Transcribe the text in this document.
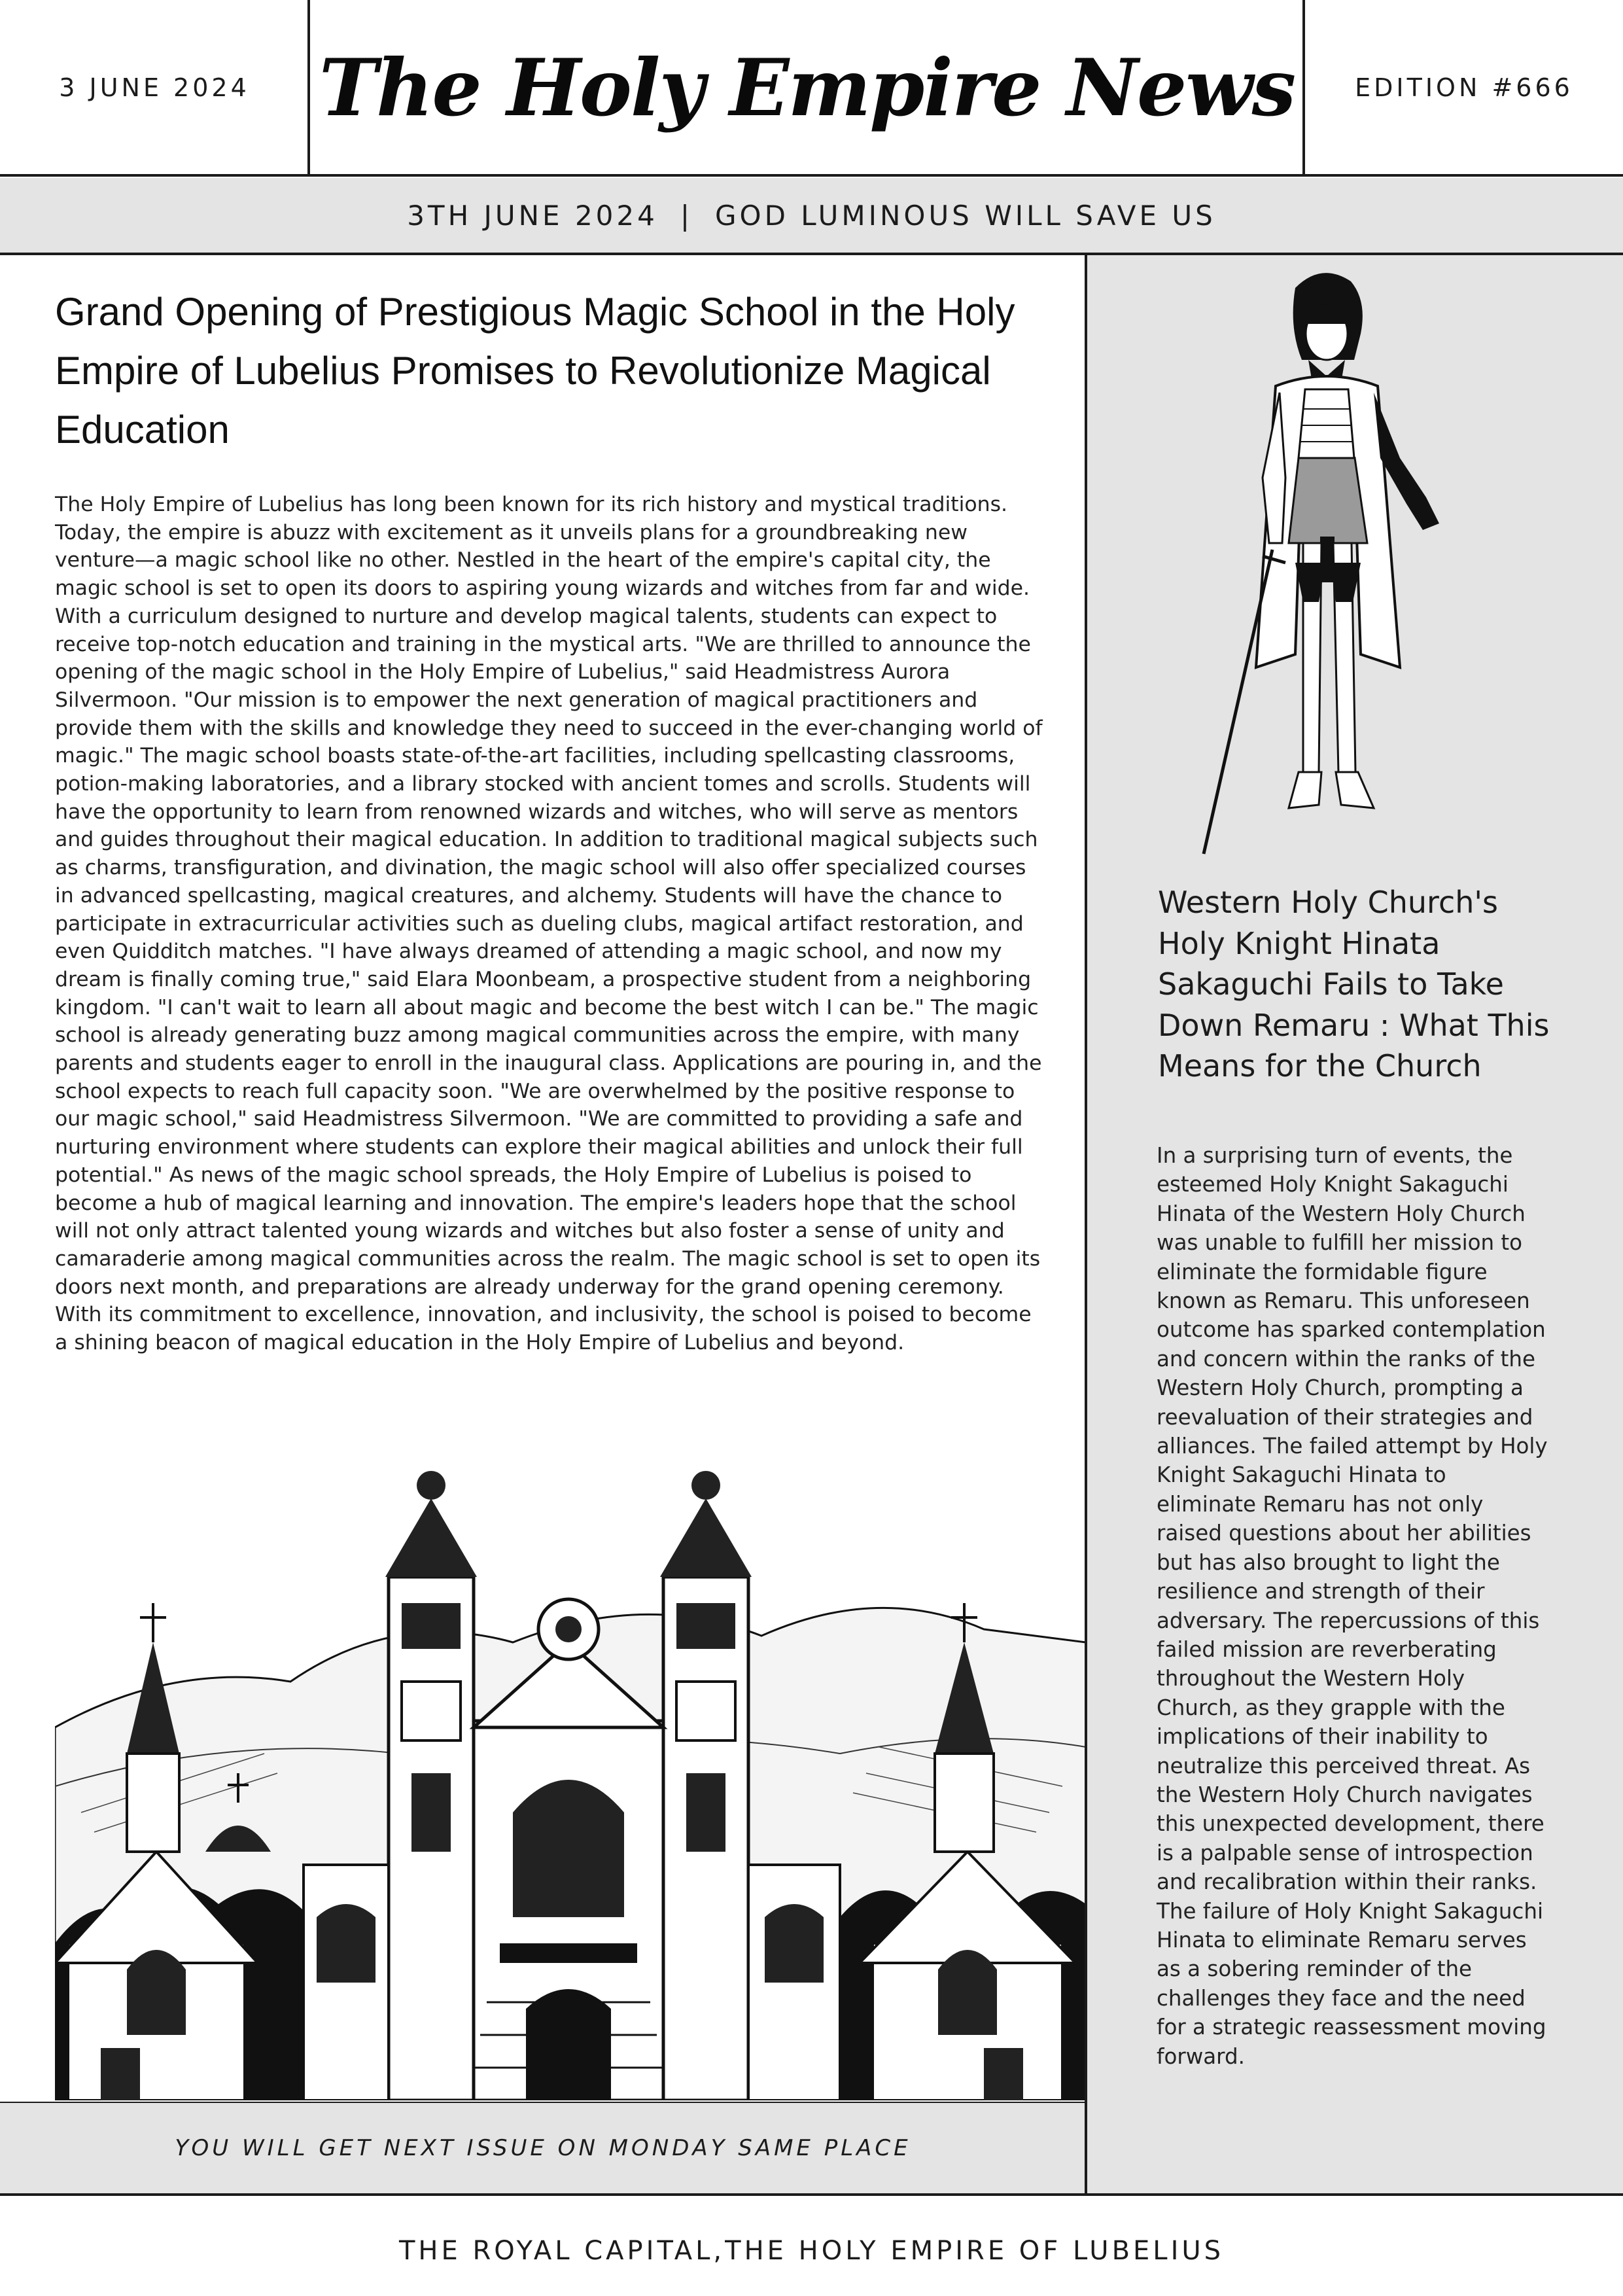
3 JUNE 2024 The Holy Empire News EDITION #666
3TH JUNE 2024 | GOD LUMINOUS WILL SAVE US
Grand Opening of Prestigious Magic School in the Holy Empire of Lubelius Promises to Revolutionize Magical Education
The Holy Empire of Lubelius has long been known for its rich history and mystical traditions. Today, the empire is abuzz with excitement as it unveils plans for a groundbreaking new venture—a magic school like no other. Nestled in the heart of the empire's capital city, the magic school is set to open its doors to aspiring young wizards and witches from far and wide. With a curriculum designed to nurture and develop magical talents, students can expect to receive top-notch education and training in the mystical arts. "We are thrilled to announce the opening of the magic school in the Holy Empire of Lubelius," said Headmistress Aurora Silvermoon. "Our mission is to empower the next generation of magical practitioners and provide them with the skills and knowledge they need to succeed in the ever-changing world of magic." The magic school boasts state-of-the-art facilities, including spellcasting classrooms, potion-making laboratories, and a library stocked with ancient tomes and scrolls. Students will have the opportunity to learn from renowned wizards and witches, who will serve as mentors and guides throughout their magical education. In addition to traditional magical subjects such as charms, transfiguration, and divination, the magic school will also offer specialized courses in advanced spellcasting, magical creatures, and alchemy. Students will have the chance to participate in extracurricular activities such as dueling clubs, magical artifact restoration, and even Quidditch matches. "I have always dreamed of attending a magic school, and now my dream is finally coming true," said Elara Moonbeam, a prospective student from a neighboring kingdom. "I can't wait to learn all about magic and become the best witch I can be." The magic school is already generating buzz among magical communities across the empire, with many parents and students eager to enroll in the inaugural class. Applications are pouring in, and the school expects to reach full capacity soon. "We are overwhelmed by the positive response to our magic school," said Headmistress Silvermoon. "We are committed to providing a safe and nurturing environment where students can explore their magical abilities and unlock their full potential." As news of the magic school spreads, the Holy Empire of Lubelius is poised to become a hub of magical learning and innovation. The empire's leaders hope that the school will not only attract talented young wizards and witches but also foster a sense of unity and camaraderie among magical communities across the realm. The magic school is set to open its doors next month, and preparations are already underway for the grand opening ceremony. With its commitment to excellence, innovation, and inclusivity, the school is poised to become a shining beacon of magical education in the Holy Empire of Lubelius and beyond.
YOU WILL GET NEXT ISSUE ON MONDAY SAME PLACE
Western Holy Church's Holy Knight Hinata Sakaguchi Fails to Take Down Remaru : What This Means for the Church
In a surprising turn of events, the esteemed Holy Knight Sakaguchi Hinata of the Western Holy Church was unable to fulfill her mission to eliminate the formidable figure known as Remaru. This unforeseen outcome has sparked contemplation and concern within the ranks of the Western Holy Church, prompting a reevaluation of their strategies and alliances. The failed attempt by Holy Knight Sakaguchi Hinata to eliminate Remaru has not only raised questions about her abilities but has also brought to light the resilience and strength of their adversary. The repercussions of this failed mission are reverberating throughout the Western Holy Church, as they grapple with the implications of their inability to neutralize this perceived threat. As the Western Holy Church navigates this unexpected development, there is a palpable sense of introspection and recalibration within their ranks. The failure of Holy Knight Sakaguchi Hinata to eliminate Remaru serves as a sobering reminder of the challenges they face and the need for a strategic reassessment moving forward.
THE ROYAL CAPITAL,THE HOLY EMPIRE OF LUBELIUS
